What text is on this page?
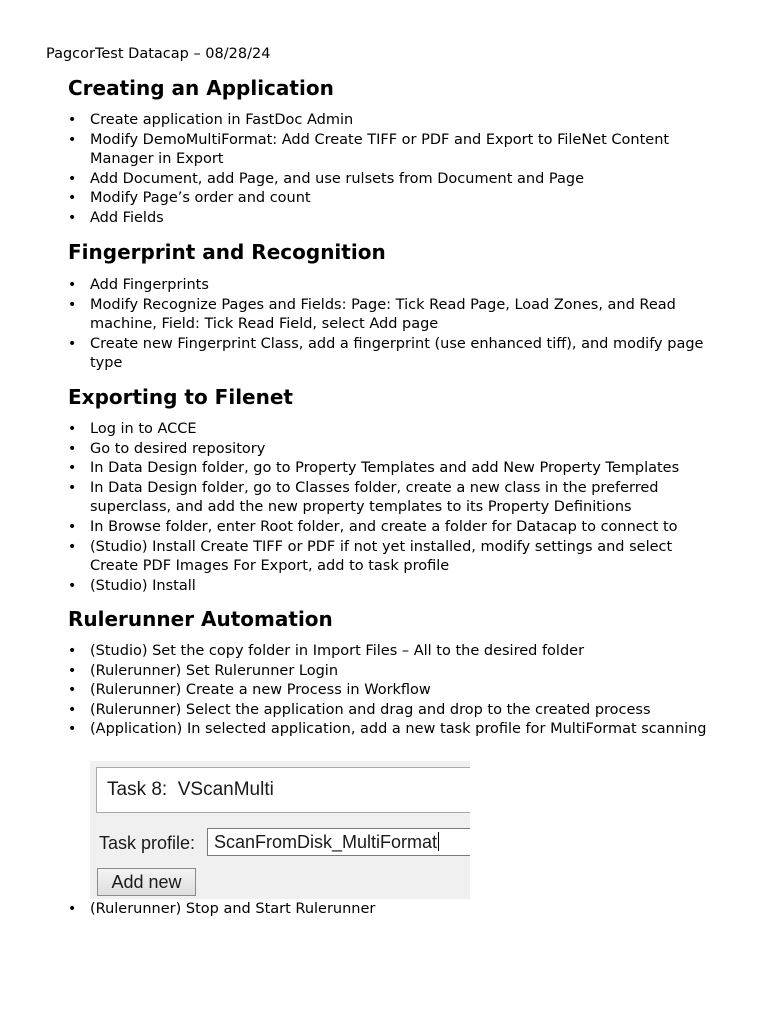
PagcorTest Datacap – 08/28/24

Creating an Application
• Create application in FastDoc Admin
• Modify DemoMultiFormat: Add Create TIFF or PDF and Export to FileNet Content Manager in Export
• Add Document, add Page, and use rulsets from Document and Page
• Modify Page’s order and count
• Add Fields
Fingerprint and Recognition
• Add Fingerprints
• Modify Recognize Pages and Fields: Page: Tick Read Page, Load Zones, and Read machine, Field: Tick Read Field, select Add page
• Create new Fingerprint Class, add a fingerprint (use enhanced tiff), and modify page type
Exporting to Filenet
• Log in to ACCE
• Go to desired repository
• In Data Design folder, go to Property Templates and add New Property Templates
• In Data Design folder, go to Classes folder, create a new class in the preferred superclass, and add the new property templates to its Property Definitions
• In Browse folder, enter Root folder, and create a folder for Datacap to connect to
• (Studio) Install Create TIFF or PDF if not yet installed, modify settings and select Create PDF Images For Export, add to task profile
• (Studio) Install
Rulerunner Automation
• (Studio) Set the copy folder in Import Files – All to the desired folder
• (Rulerunner) Set Rulerunner Login
• (Rulerunner) Create a new Process in Workflow
• (Rulerunner) Select the application and drag and drop to the created process
• (Application) In selected application, add a new task profile for MultiFormat scanning
Task 8:  VScanMulti
Task profile:	ScanFromDisk_MultiFormat
Add new
• (Rulerunner) Stop and Start Rulerunner
